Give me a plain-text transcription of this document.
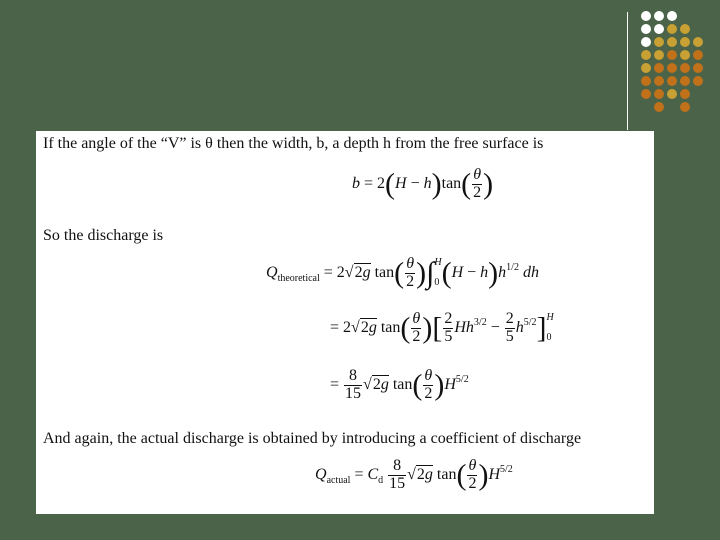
If the angle of the “V” is θ then the width, b, a depth h from the free surface is
$b = 2(H - h)\tan( \frac{\theta}{2}$ )
So the discharge is
$Q_{theoretical} = 2√2g$ $\tan( \frac{\theta}{2}$ )∫ H

0 $(H - h)h^{1/2}$ dh
= 2√2g $\tan( \frac{\theta}{2}$ )[ $\frac{2}{5} Hh^{3/2} - \frac{2}{5} h^{5/2}$] H

0
= $\frac{8}{15} √2g$ $\tan( \frac{\theta}{2} )H^{5/2}$
And again, the actual discharge is obtained by introducing a coefficient of discharge
$Q_{actual} = C_d \frac{8}{15} √2g$ $\tan( \frac{\theta}{2} )H^{5/2}$
